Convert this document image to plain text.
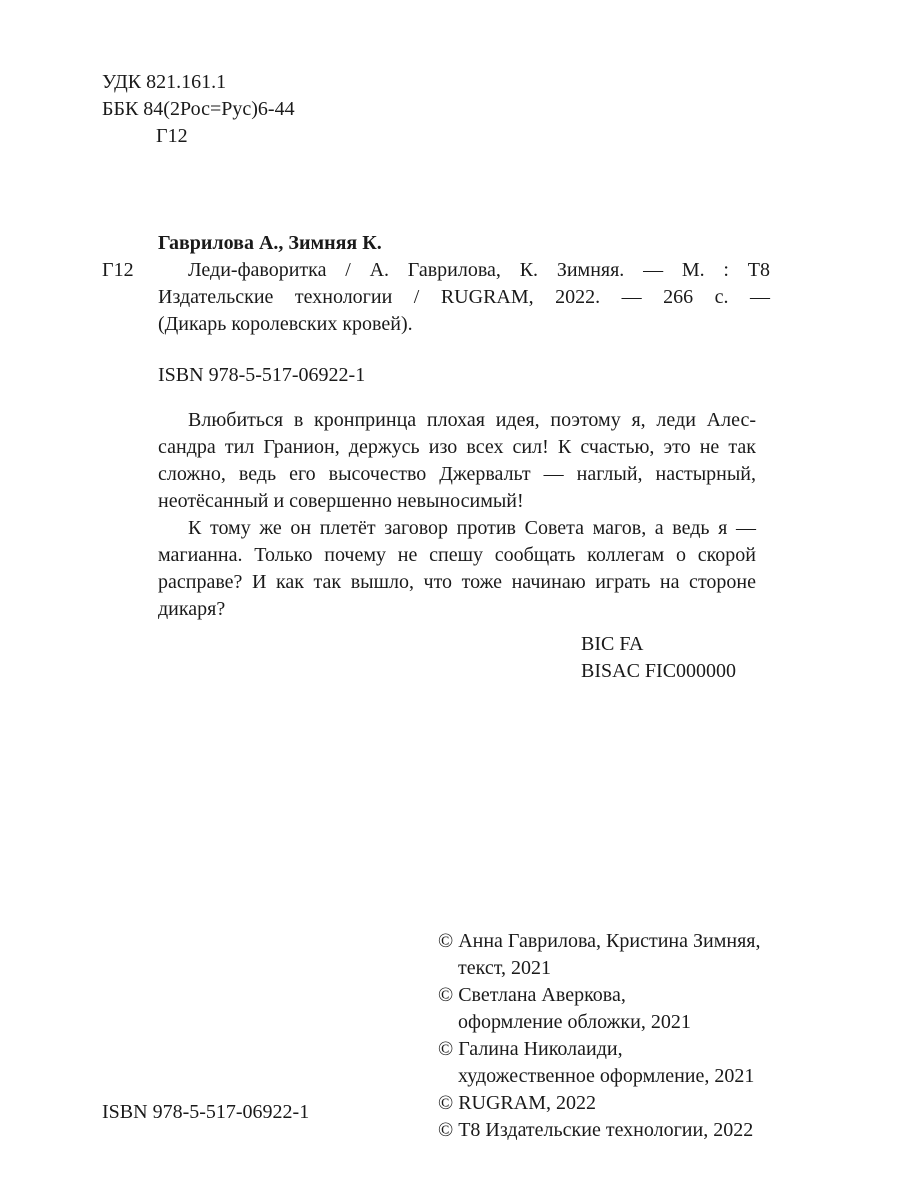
УДК 821.161.1
ББК 84(2Рос=Рус)6-44
Г12
Г12
Гаврилова А., Зимняя К.
Леди-фаворитка / А. Гаврилова, К. Зимняя. — М. : Т8
Издательские технологии / RUGRAM, 2022. — 266 с. —
(Дикарь королевских кровей).
ISBN 978-5-517-06922-1
Влюбиться в кронпринца плохая идея, поэтому я, леди Алес-
сандра тил Гранион, держусь изо всех сил! К счастью, это не так
сложно, ведь его высочество Джервальт — наглый, настырный,
неотёсанный и совершенно невыносимый!
К тому же он плетёт заговор против Совета магов, а ведь я —
магианна. Только почему не спешу сообщать коллегам о скорой
расправе? И как так вышло, что тоже начинаю играть на стороне
дикаря?
BIC FA
BISAC FIC000000
© Анна Гаврилова, Кристина Зимняя,
текст, 2021
© Светлана Аверкова,
оформление обложки, 2021
© Галина Николаиди,
художественное оформление, 2021
© RUGRAM, 2022
© Т8 Издательские технологии, 2022
ISBN 978-5-517-06922-1
